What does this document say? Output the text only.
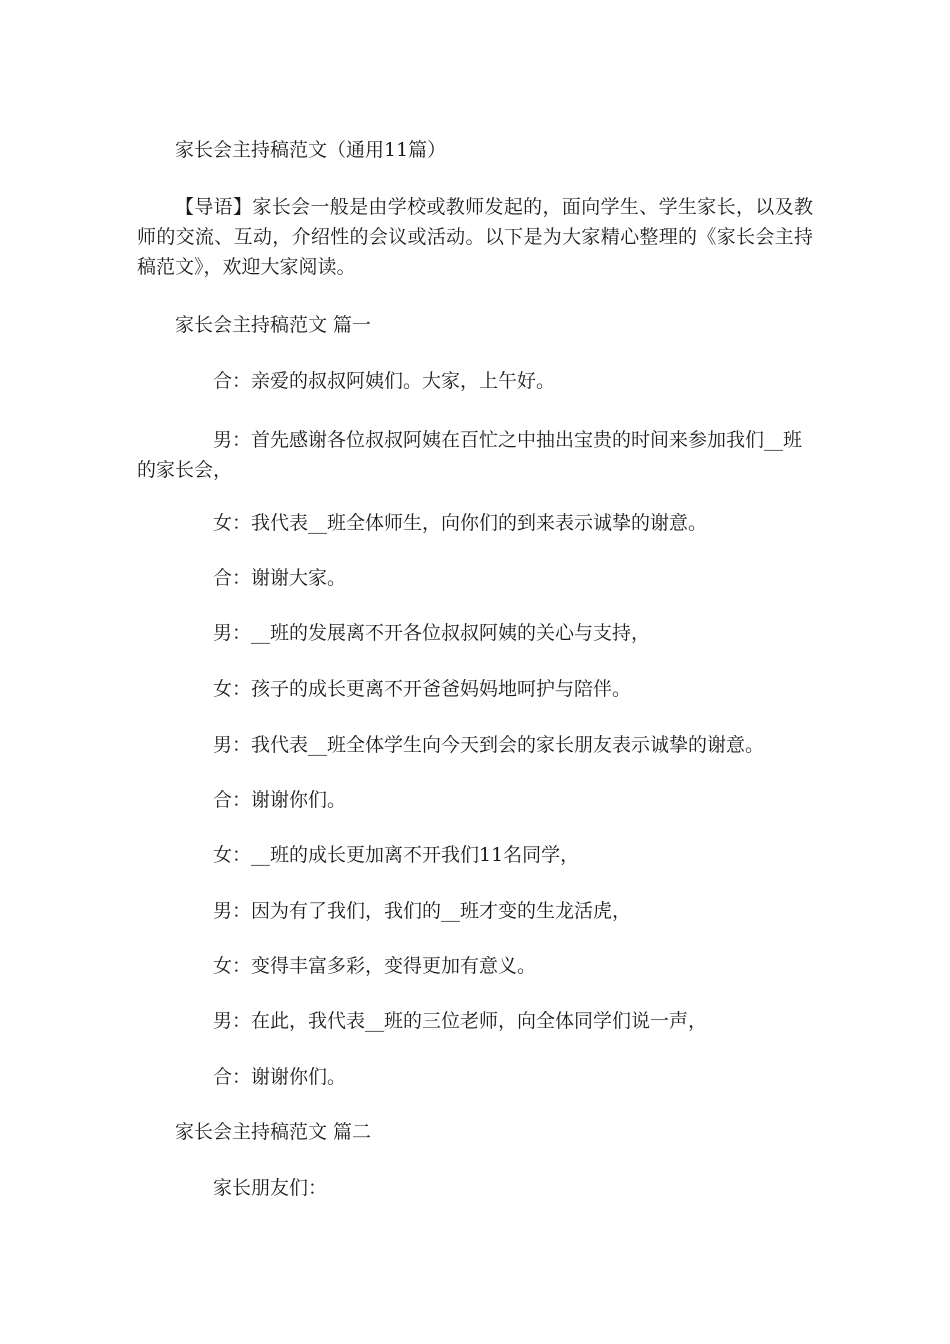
家长会主持稿范文（通用11篇）
【导语】家长会一般是由学校或教师发起的，面向学生、学生家长，以及教师的交流、互动，介绍性的会议或活动。以下是为大家精心整理的《家长会主持稿范文》，欢迎大家阅读。
家长会主持稿范文 篇一
合：亲爱的叔叔阿姨们。大家，上午好。
男：首先感谢各位叔叔阿姨在百忙之中抽出宝贵的时间来参加我们__班的家长会，
女：我代表__班全体师生，向你们的到来表示诚挚的谢意。
合：谢谢大家。
男：__班的发展离不开各位叔叔阿姨的关心与支持，
女：孩子的成长更离不开爸爸妈妈地呵护与陪伴。
男：我代表__班全体学生向今天到会的家长朋友表示诚挚的谢意。
合：谢谢你们。
女：__班的成长更加离不开我们11名同学，
男：因为有了我们，我们的__班才变的生龙活虎，
女：变得丰富多彩，变得更加有意义。
男：在此，我代表__班的三位老师，向全体同学们说一声，
合：谢谢你们。
家长会主持稿范文 篇二
家长朋友们：
